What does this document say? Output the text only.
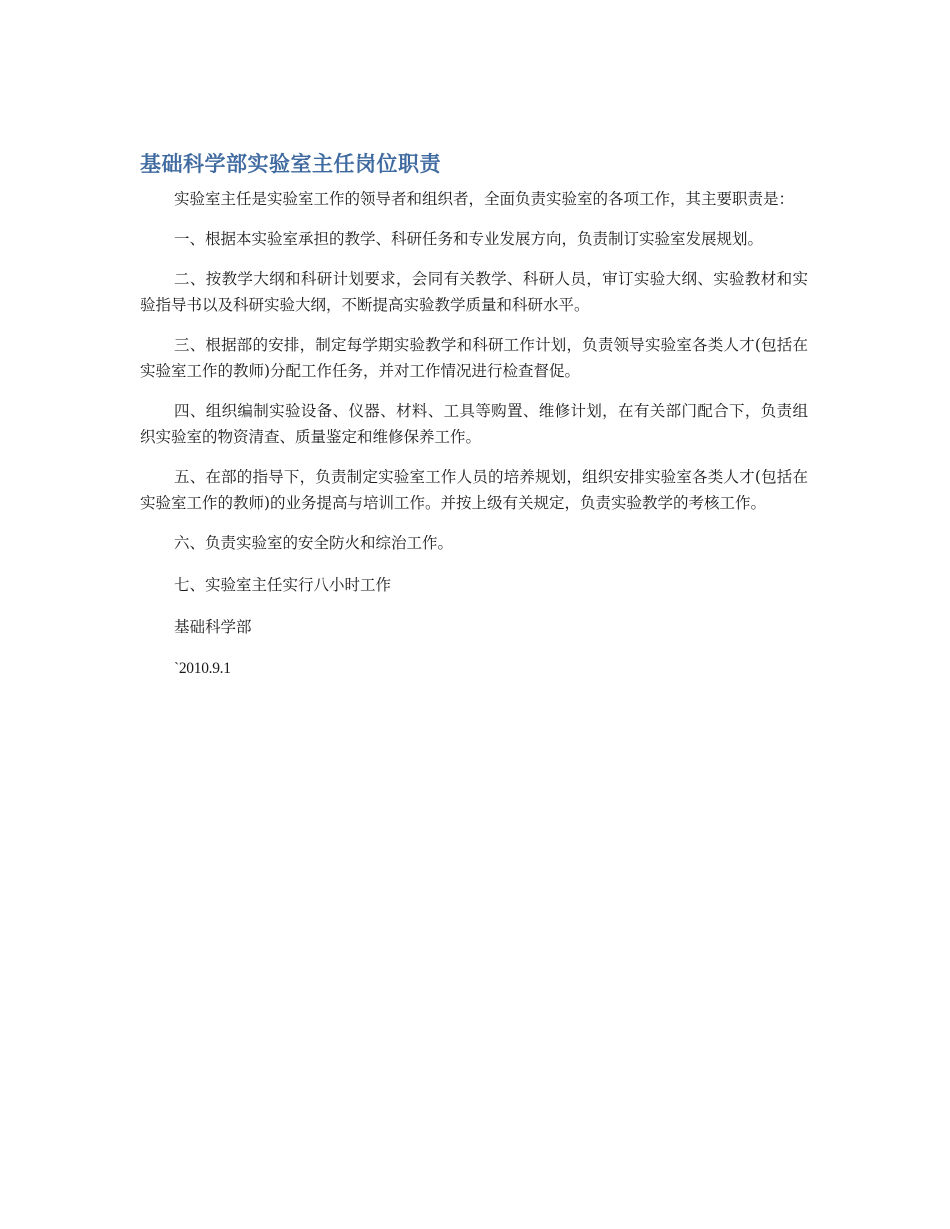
基础科学部实验室主任岗位职责

实验室主任是实验室工作的领导者和组织者，全面负责实验室的各项工作，其主要职责是：

一、根据本实验室承担的教学、科研任务和专业发展方向，负责制订实验室发展规划。

二、按教学大纲和科研计划要求，会同有关教学、科研人员，审订实验大纲、实验教材和实验指导书以及科研实验大纲，不断提高实验教学质量和科研水平。

三、根据部的安排，制定每学期实验教学和科研工作计划，负责领导实验室各类人才(包括在实验室工作的教师)分配工作任务，并对工作情况进行检查督促。

四、组织编制实验设备、仪器、材料、工具等购置、维修计划，在有关部门配合下，负责组织实验室的物资清查、质量鉴定和维修保养工作。

五、在部的指导下，负责制定实验室工作人员的培养规划，组织安排实验室各类人才(包括在实验室工作的教师)的业务提高与培训工作。并按上级有关规定，负责实验教学的考核工作。

六、负责实验室的安全防火和综治工作。

七、实验室主任实行八小时工作

基础科学部

`2010.9.1
